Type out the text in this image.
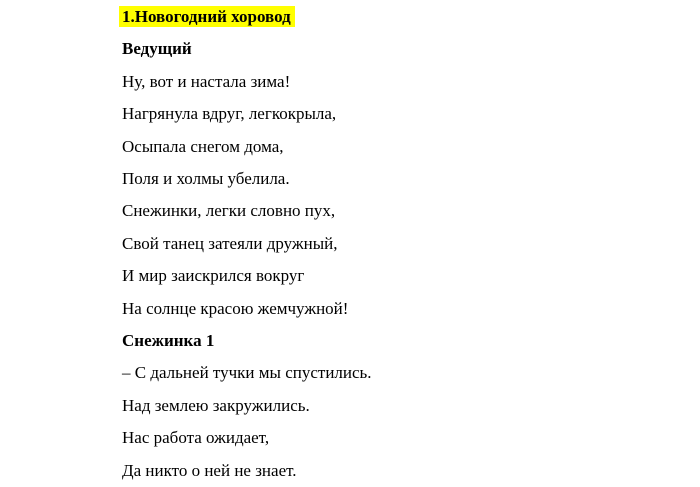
1.Новогодний хоровод

Ведущий

Ну, вот и настала зима!

Нагрянула вдруг, легкокрыла,

Осыпала снегом дома,

Поля и холмы убелила.

Снежинки, легки словно пух,

Свой танец затеяли дружный,

И мир заискрился вокруг

На солнце красою жемчужной!

Снежинка 1

– С дальней тучки мы спустились.

Над землею закружились.

Нас работа ожидает,

Да никто о ней не знает.
